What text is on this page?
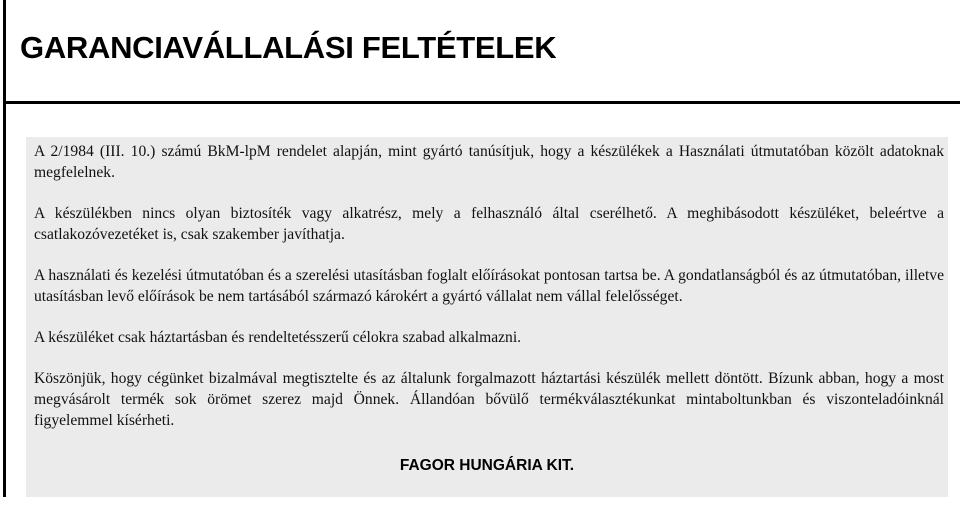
GARANCIAVÁLLALÁSI FELTÉTELEK

A 2/1984 (III. 10.) számú BkM-lpM rendelet alapján, mint gyártó tanúsítjuk, hogy a készülékek a Használati útmutatóban közölt adatoknak megfelelnek.

A készülékben nincs olyan biztosíték vagy alkatrész, mely a felhasználó által cserélhető. A meghibásodott készüléket, beleértve a csatlakozóvezetéket is, csak szakember javíthatja.

A használati és kezelési útmutatóban és a szerelési utasításban foglalt előírásokat pontosan tartsa be. A gondatlanságból és az útmutatóban, illetve utasításban levő előírások be nem tartásából származó károkért a gyártó vállalat nem vállal felelősséget.

A készüléket csak háztartásban és rendeltetésszerű célokra szabad alkalmazni.

Köszönjük, hogy cégünket bizalmával megtisztelte és az általunk forgalmazott háztartási készülék mellett döntött. Bízunk abban, hogy a most megvásárolt termék sok örömet szerez majd Önnek. Állandóan bővülő termékválasztékunkat mintaboltunkban és viszonteladóinknál figyelemmel kísérheti.

FAGOR HUNGÁRIA KIT.
